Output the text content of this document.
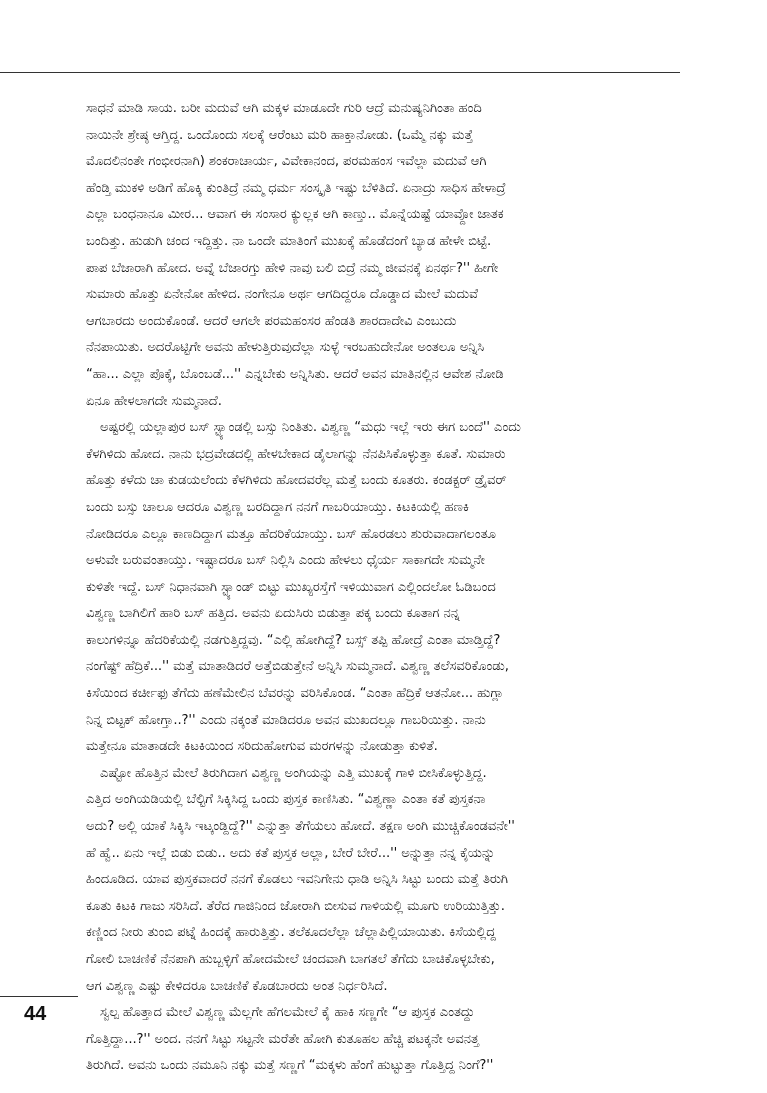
ಸಾಧನೆ ಮಾಡಿ ಸಾಯ. ಬರೀ ಮದುವೆ ಆಗಿ ಮಕ್ಕಳ ಮಾಡೂದೇ ಗುರಿ ಆದ್ರೆ ಮನುಷ್ಯನಿಗಿಂತಾ ಹಂದಿ
ನಾಯಿನೇ ಶ್ರೇಷ್ಠ ಆಗ್ತಿದ್ದ. ಒಂದೊಂದು ಸಲಕ್ಕೆ ಆರೆಂಟು ಮರಿ ಹಾಕ್ತಾನೋಡು. (ಒಮ್ಮೆ ನಕ್ಕು ಮತ್ತೆ
ಮೊದಲಿನಂತೇ ಗಂಭೀರನಾಗಿ) ಶಂಕರಾಚಾರ್ಯ, ವಿವೇಕಾನಂದ, ಪರಮಹಂಸ ಇವೆಲ್ಲಾ ಮದುವೆ ಆಗಿ
ಹೆಂಡ್ತಿ ಮುಕಳಿ ಅಡಿಗೆ ಹೊಕ್ಕಿ ಕುಂತಿದ್ರೆ ನಮ್ಮ ಧರ್ಮ ಸಂಸ್ಕೃತಿ ಇಷ್ಟು ಬೆಳಿತಿದೆ. ಏನಾದ್ರು ಸಾಧಿಸ ಹೇಳಾದ್ರೆ
ಎಲ್ಲಾ ಬಂಧನಾನೂ ಮೀರ... ಆವಾಗ ಈ ಸಂಸಾರ ಕ್ಯುಲ್ಲಕ ಆಗಿ ಕಾಣ್ತು.. ಮೊನ್ನೆಯಷ್ಟೆ ಯಾವ್ದೋ ಜಾತಕ
ಬಂದಿತ್ತು. ಹುಡುಗಿ ಚಂದ ಇದ್ದಿತ್ತು. ನಾ ಒಂದೇ ಮಾತಿಂಗೆ ಮುಖಕ್ಕೆ ಹೊಡೆದಂಗೆ ಬ್ಯಾಡ ಹೇಳೇ ಬಿಟ್ಟೆ.
ಪಾಪ ಬೆಜಾರಾಗಿ ಹೋದ. ಅವ್ನೆ ಬೆಜಾರಗ್ತು ಹೇಳಿ ನಾವು ಬಲಿ ಬಿದ್ರೆ ನಮ್ಮ ಜೀವನಕ್ಕೆ ಏನರ್ಥ?'' ಹೀಗೇ
ಸುಮಾರು ಹೊತ್ತು ಏನೇನೋ ಹೇಳಿದ. ನಂಗೇನೂ ಅರ್ಥ ಆಗದಿದ್ದರೂ ದೊಡ್ಡಾದ ಮೇಲೆ ಮದುವೆ
ಆಗಬಾರದು ಅಂದುಕೊಂಡೆ. ಆದರೆ ಆಗಲೇ ಪರಮಹಂಸರ ಹೆಂಡತಿ ಶಾರದಾದೇವಿ ಎಂಬುದು
ನೆನಪಾಯಿತು. ಅದರೊಟ್ಟಿಗೇ ಅವನು ಹೇಳುತ್ತಿರುವುದೆಲ್ಲಾ ಸುಳ್ಳೆ ಇರಬಹುದೇನೋ ಅಂತಲೂ ಅನ್ನಿಸಿ
“ಹಾ... ಎಲ್ಲಾ ಪೊಕ್ಕೆ, ಬೊಂಬಡೆ...'' ಎನ್ನಬೇಕು ಅನ್ನಿಸಿತು. ಆದರೆ ಅವನ ಮಾತಿನಲ್ಲಿನ ಆವೇಶ ನೋಡಿ
ಏನೂ ಹೇಳಲಾಗದೇ ಸುಮ್ಮನಾದೆ.
ಅಷ್ಟರಲ್ಲಿ ಯಲ್ಲಾಪುರ ಬಸ್ ಸ್ಟ್ಯಾಂಡಲ್ಲಿ ಬಸ್ಸು ನಿಂತಿತು. ವಿಶ್ವಣ್ಣ “ಮಧು ಇಲ್ಲೆ ಇರು ಈಗ ಬಂದೆ'' ಎಂದು
ಕೆಳಗಿಳಿದು ಹೋದ. ನಾನು ಭದ್ರವೇಡದಲ್ಲಿ ಹೇಳಬೇಕಾದ ಡೈಲಾಗನ್ನು ನೆನಪಿಸಿಕೊಳ್ಳುತ್ತಾ ಕೂತೆ. ಸುಮಾರು
ಹೊತ್ತು ಕಳೆದು ಚಾ ಕುಡಯಲೆಂದು ಕೆಳಗಿಳಿದು ಹೋದವರೆಲ್ಲ ಮತ್ತೆ ಬಂದು ಕೂತರು. ಕಂಡಕ್ಟರ್ ಡ್ರೈವರ್
ಬಂದು ಬಸ್ಸು ಚಾಲೂ ಆದರೂ ವಿಶ್ವಣ್ಣ ಬರದಿದ್ದಾಗ ನನಗೆ ಗಾಬರಿಯಾಯ್ತು. ಕಿಟಕಿಯಲ್ಲಿ ಹಣಕಿ
ನೋಡಿದರೂ ಎಲ್ಲೂ ಕಾಣದಿದ್ದಾಗ ಮತ್ತೂ ಹೆದರಿಕೆಯಾಯ್ತು. ಬಸ್ ಹೊರಡಲು ಶುರುವಾದಾಗಲಂತೂ
ಅಳುವೇ ಬರುವಂತಾಯ್ತು. ಇಷ್ಟಾದರೂ ಬಸ್ ನಿಲ್ಲಿಸಿ ಎಂದು ಹೇಳಲು ಧೈರ್ಯ ಸಾಕಾಗದೇ ಸುಮ್ಮನೇ
ಕುಳಿತೇ ಇದ್ದೆ. ಬಸ್ ನಿಧಾನವಾಗಿ ಸ್ಟ್ಯಾಂಡ್ ಬಿಟ್ಟು ಮುಖ್ಯರಸ್ತೆಗೆ ಇಳಿಯುವಾಗ ಎಲ್ಲಿಂದಲೋ ಓಡಿಬಂದ
ವಿಶ್ವಣ್ಣ ಬಾಗಿಲಿಗೆ ಹಾರಿ ಬಸ್ ಹತ್ತಿದ. ಅವನು ಏದುಸಿರು ಬಿಡುತ್ತಾ ಪಕ್ಕ ಬಂದು ಕೂತಾಗ ನನ್ನ
ಕಾಲುಗಳಿನ್ನೂ ಹೆದರಿಕೆಯಲ್ಲಿ ನಡಗುತ್ತಿದ್ದವು. “ಎಲ್ಲಿ ಹೋಗಿದ್ದೆ? ಬಸ್ಸ್ ತಪ್ಪಿ ಹೋದ್ರೆ ಎಂತಾ ಮಾಡ್ತಿದ್ದೆ?
ನಂಗೆಷ್ಟ್ ಹೆದ್ರಿಕೆ...'' ಮತ್ತೆ ಮಾತಾಡಿದರೆ ಅತ್ತೆಬಿಡುತ್ತೇನೆ ಅನ್ನಿಸಿ ಸುಮ್ಮನಾದೆ. ವಿಶ್ವಣ್ಣ ತಲೆಸವರಿಕೊಂಡು,
ಕಿಸೆಯಿಂದ ಕರ್ಚೀಫು ತೆಗೆದು ಹಣೆಮೇಲಿನ ಬೆವರನ್ನು ವರಿಸಿಕೊಂಡ. “ಎಂತಾ ಹೆದ್ರಿಕೆ ಆತನೋ... ಹುಗ್ಲಾ
ನಿನ್ನ ಬಿಟ್ಟಕ್ ಹೋಗ್ತಾ..?'' ಎಂದು ನಕ್ಕಂತೆ ಮಾಡಿದರೂ ಅವನ ಮುಖದಲ್ಲೂ ಗಾಬರಿಯಿತ್ತು. ನಾನು
ಮತ್ತೇನೂ ಮಾತಾಡದೇ ಕಿಟಕಿಯಿಂದ ಸರಿದುಹೋಗುವ ಮರಗಳನ್ನು ನೋಡುತ್ತಾ ಕುಳಿತೆ.
ಎಷ್ಟೋ ಹೊತ್ತಿನ ಮೇಲೆ ತಿರುಗಿದಾಗ ವಿಶ್ವಣ್ಣ ಅಂಗಿಯನ್ನು ಎತ್ತಿ ಮುಖಕ್ಕೆ ಗಾಳಿ ಬೀಸಿಕೊಳ್ಳುತ್ತಿದ್ದ.
ಎತ್ತಿದ ಅಂಗಿಯಡಿಯಲ್ಲಿ ಬೆಲ್ಟಿಗೆ ಸಿಕ್ಕಿಸಿದ್ದ ಒಂದು ಪುಸ್ತಕ ಕಾಣಿಸಿತು. “ವಿಶ್ವಣ್ಣಾ ಎಂತಾ ಕತೆ ಪುಸ್ತಕನಾ
ಅದು? ಅಲ್ಲಿ ಯಾಕೆ ಸಿಕ್ಕಿಸಿ ಇಟ್ಕಂಡ್ದಿದ್ದೆ?'' ಎನ್ನುತ್ತಾ ತೆಗೆಯಲು ಹೋದೆ. ತಕ್ಷಣ ಅಂಗಿ ಮುಚ್ಚಿಕೊಂಡವನೇ''
ಹೆ ಹ್ವೆ.. ಏನು ಇಲ್ಲೆ ಬಿಡು ಬಿಡು.. ಅದು ಕತೆ ಪುಸ್ತಕ ಅಲ್ಲಾ, ಬೇರೆ ಬೇರೆ...'' ಅನ್ನುತ್ತಾ ನನ್ನ ಕೈಯನ್ನು
ಹಿಂದೂಡಿದ. ಯಾವ ಪುಸ್ತಕವಾದರೆ ನನಗೆ ಕೊಡಲು ಇವನಿಗೇನು ಧಾಡಿ ಅನ್ನಿಸಿ ಸಿಟ್ಟು ಬಂದು ಮತ್ತೆ ತಿರುಗಿ
ಕೂತು ಕಿಟಕಿ ಗಾಜು ಸರಿಸಿದೆ. ತೆರೆದ ಗಾಜಿನಿಂದ ಜೋರಾಗಿ ಬೀಸುವ ಗಾಳಿಯಲ್ಲಿ ಮೂಗು ಉರಿಯುತ್ತಿತ್ತು.
ಕಣ್ಣಿಂದ ನೀರು ತುಂಬಿ ಪಟ್ನೆ ಹಿಂದಕ್ಕೆ ಹಾರುತ್ತಿತ್ತು. ತಲೆಕೂದಲೆಲ್ಲಾ ಚೆಲ್ಲಾಪಿಲ್ಲಿಯಾಯಿತು. ಕಿಸೆಯಲ್ಲಿದ್ದ
ಗೋಲಿ ಬಾಚಣಿಕೆ ನೆನಪಾಗಿ ಹುಬ್ಬಳ್ಳಿಗೆ ಹೋದಮೇಲೆ ಚಂದವಾಗಿ ಬಾಗತಲೆ ತೆಗೆದು ಬಾಚಿಕೊಳ್ಳಬೇಕು,
ಆಗ ವಿಶ್ವಣ್ಣ ಎಷ್ಟು ಕೇಳಿದರೂ ಬಾಚಣಿಕೆ ಕೊಡಬಾರದು ಅಂತ ನಿರ್ಧರಿಸಿದೆ.
ಸ್ವಲ್ಪ ಹೊತ್ತಾದ ಮೇಲೆ ವಿಶ್ವಣ್ಣ ಮೆಲ್ಲಗೇ ಹೆಗಲಮೇಲೆ ಕೈ ಹಾಕಿ ಸಣ್ಣಗೇ “ಆ ಪುಸ್ತಕ ಎಂತದ್ದು
ಗೊತ್ತಿದ್ದಾ...?'' ಅಂದ. ನನಗೆ ಸಿಟ್ಟು ಸಟ್ಟನೇ ಮರೆತೇ ಹೋಗಿ ಕುತೂಹಲ ಹೆಚ್ಚಿ ಪಟಕ್ಕನೇ ಅವನತ್ತ
ತಿರುಗಿದೆ. ಅವನು ಒಂದು ನಮೂನಿ ನಕ್ಕು ಮತ್ತೆ ಸಣ್ಣಗೆ “ಮಕ್ಕಳು ಹೆಂಗೆ ಹುಟ್ಟುತ್ತಾ ಗೊತ್ತಿದ್ದ ನಿಂಗೆ?''
44
